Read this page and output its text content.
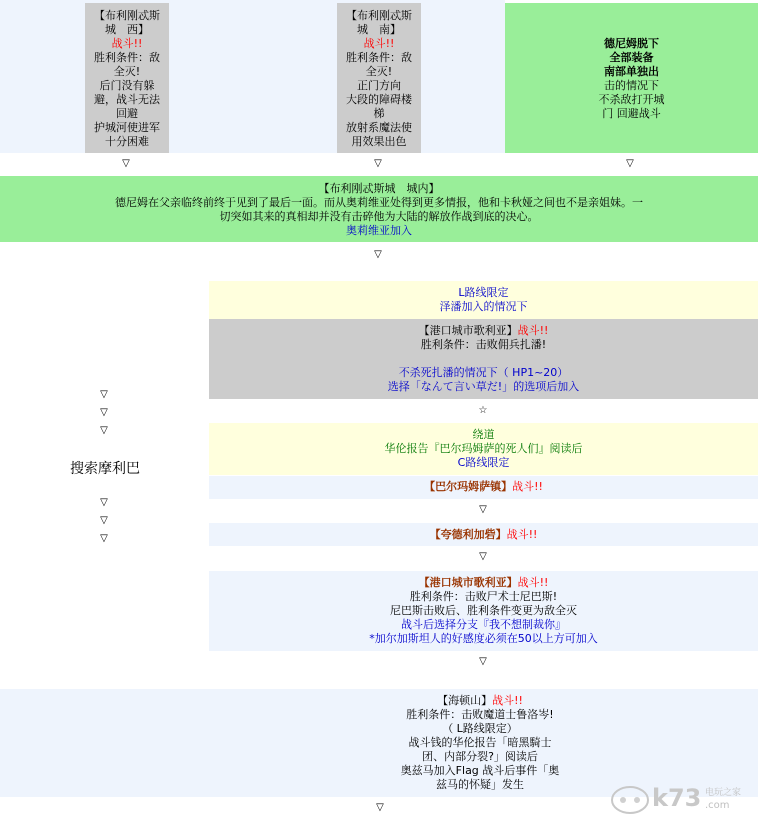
【布利刚忒斯
城　西】
战斗!!
胜利条件：敌
全灭!
后门没有躲
避，战斗无法
回避
护城河使进军
十分困难
【布利刚忒斯
城　南】
战斗!!
胜利条件：敌
全灭!
正门方向
大段的障碍楼
梯
放射系魔法使
用效果出色
德尼姆脱下
全部装备
南部单独出
击的情况下
不杀敌打开城
门 回避战斗
▽	▽	▽
【布利刚忒斯城　城内】
德尼姆在父亲临终前终于见到了最后一面。而从奥莉维亚处得到更多情报，他和卡秋娅之间也不是亲姐妹。一
切突如其来的真相却并没有击碎他为大陆的解放作战到底的决心。
奥莉维亚加入
▽
L路线限定
泽潘加入的情况下
【港口城市歌利亚】战斗!!
胜利条件：击败佣兵扎潘!

不杀死扎潘的情况下（ HP1~20）
选择「なんて言い草だ!」的选项后加入
☆
▽
▽
▽
搜索摩利巴
▽
▽
▽
绕道
华伦报告『巴尔玛姆萨的死人们』阅读后
C路线限定
【巴尔玛姆萨镇】战斗!!
▽
【夸德利加砦】战斗!!
▽
【港口城市歌利亚】战斗!!
胜利条件：击败尸术士尼巴斯!
尼巴斯击败后、胜利条件变更为敌全灭
战斗后选择分支『我不想制裁你』
*加尔加斯坦人的好感度必须在50以上方可加入
▽
【海顿山】战斗!!
胜利条件：击败魔道士鲁洛岑!
（ L路线限定）
战斗钱的华伦报告「暗黑騎士
团、内部分裂?」阅读后
奥兹马加入Flag 战斗后事件「奥
兹马的怀疑」发生
▽	k73 电玩之家
.com
